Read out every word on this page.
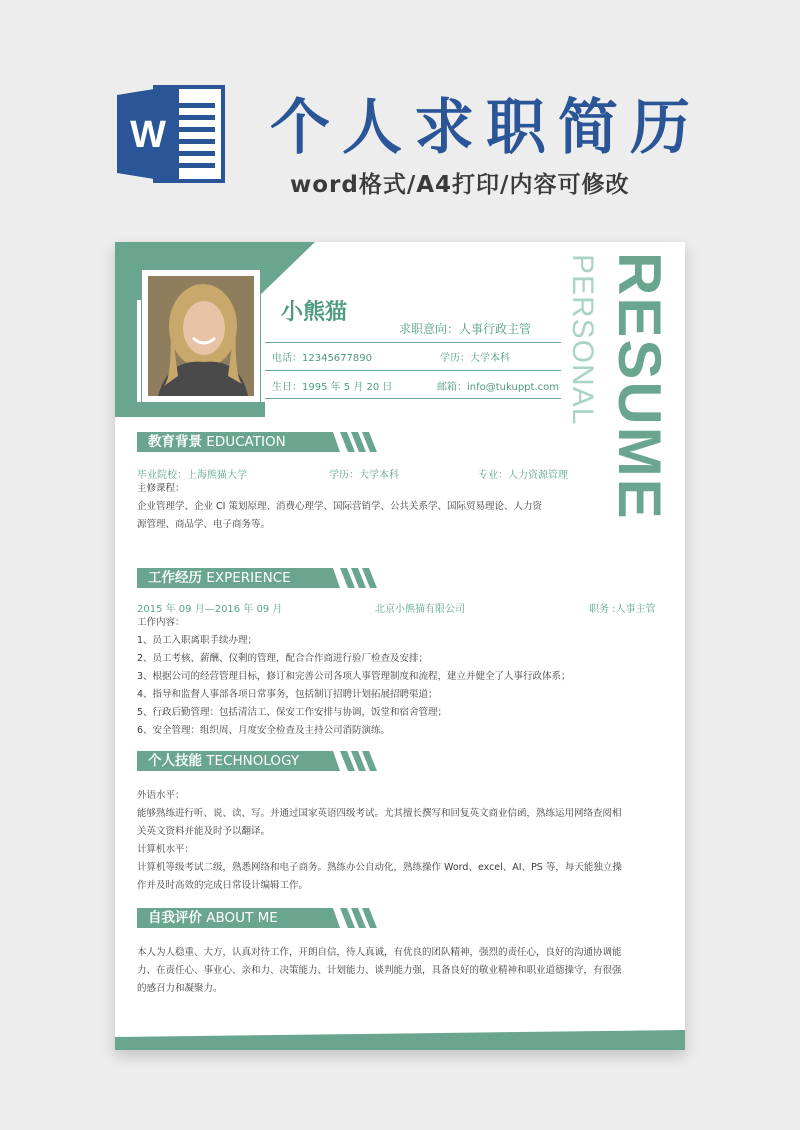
W 个人求职简历
word格式/A4打印/内容可修改
小熊猫
求职意向：人事行政主管
电话：12345677890	学历：大学本科
生日：1995 年 5 月 20 日	邮箱：info@tukuppt.com RESUME
PERSONAL
教育背景 EDUCATION
毕业院校：上海熊猫大学	学历：大学本科	专业：人力资源管理

主修课程：

企业管理学、企业 CI 策划原理、消费心理学、国际营销学、公共关系学、国际贸易理论、人力资

源管理、商品学、电子商务等。

工作经历 EXPERIENCE
2015 年 09 月—2016 年 09 月	北京小熊猫有限公司	职务 :人事主管

工作内容：

1、员工入职离职手续办理；

2、员工考核、薪酬、仪剩的管理，配合合作商进行验厂检查及安排；

3、根据公司的经营管理目标，修订和完善公司各项人事管理制度和流程，建立并健全了人事行政体系；

4、指导和监督人事部各项日常事务，包括制订招聘计划拓展招聘渠道；

5、行政后勤管理：包括清洁工、保安工作安排与协调，饭堂和宿舍管理；

6、安全管理：组织周、月度安全检查及主持公司消防演练。

个人技能 TECHNOLOGY

外语水平：

能够熟练进行听、说、读、写。并通过国家英语四级考试。尤其擅长撰写和回复英文商业信函，熟练运用网络查阅相

关英文资料并能及时予以翻译。

计算机水平：

计算机等级考试二级，熟悉网络和电子商务。熟练办公自动化，熟练操作 Word、excel、AI、PS 等，每天能独立操

作并及时高效的完成日常设计编辑工作。

自我评价 ABOUT ME

本人为人稳重、大方，认真对待工作，开朗自信，待人真诚，有优良的团队精神，强烈的责任心，良好的沟通协调能

力、在责任心、事业心、亲和力、决策能力、计划能力、谈判能力强，具备良好的敬业精神和职业道德操守，有很强

的感召力和凝聚力。
